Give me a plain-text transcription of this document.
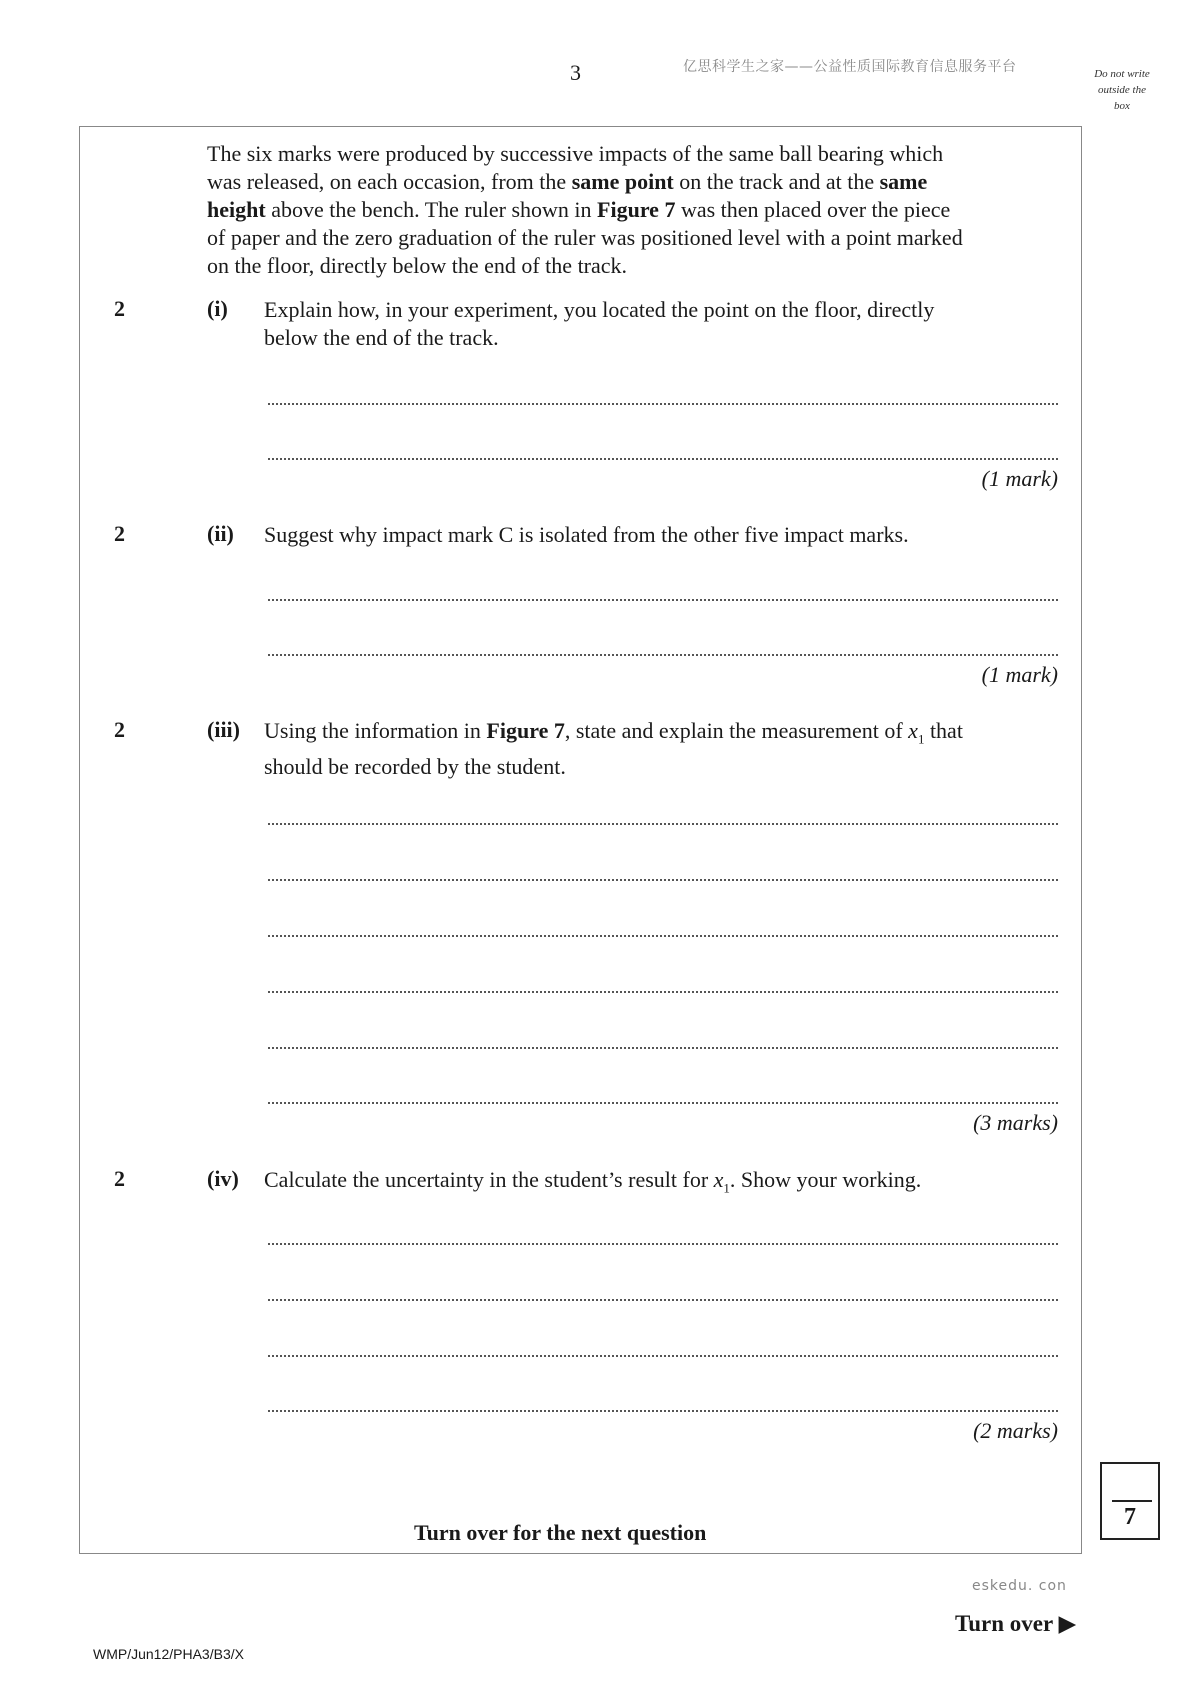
3	亿思科学生之家——公益性质国际教育信息服务平台	Do not write
outside the
box

The six marks were produced by successive impacts of the same ball bearing which

was released, on each occasion, from the same point on the track and at the same

height above the bench. The ruler shown in Figure 7 was then placed over the piece

of paper and the zero graduation of the ruler was positioned level with a point marked

on the floor, directly below the end of the track.

2	(i) Explain how, in your experiment, you located the point on the floor, directly
below the end of the track.
(1 mark)
2	(ii) Suggest why impact mark C is isolated from the other five impact marks.
(1 mark)
2	(iii) Using the information in Figure 7, state and explain the measurement of $x_1$ that
should be recorded by the student.
(3 marks)
2	(iv) Calculate the uncertainty in the student’s result for $x_1$. Show your working.
(2 marks)
Turn over for the next question
7
eskedu. con
Turn over ▶
WMP/Jun12/PHA3/B3/X
